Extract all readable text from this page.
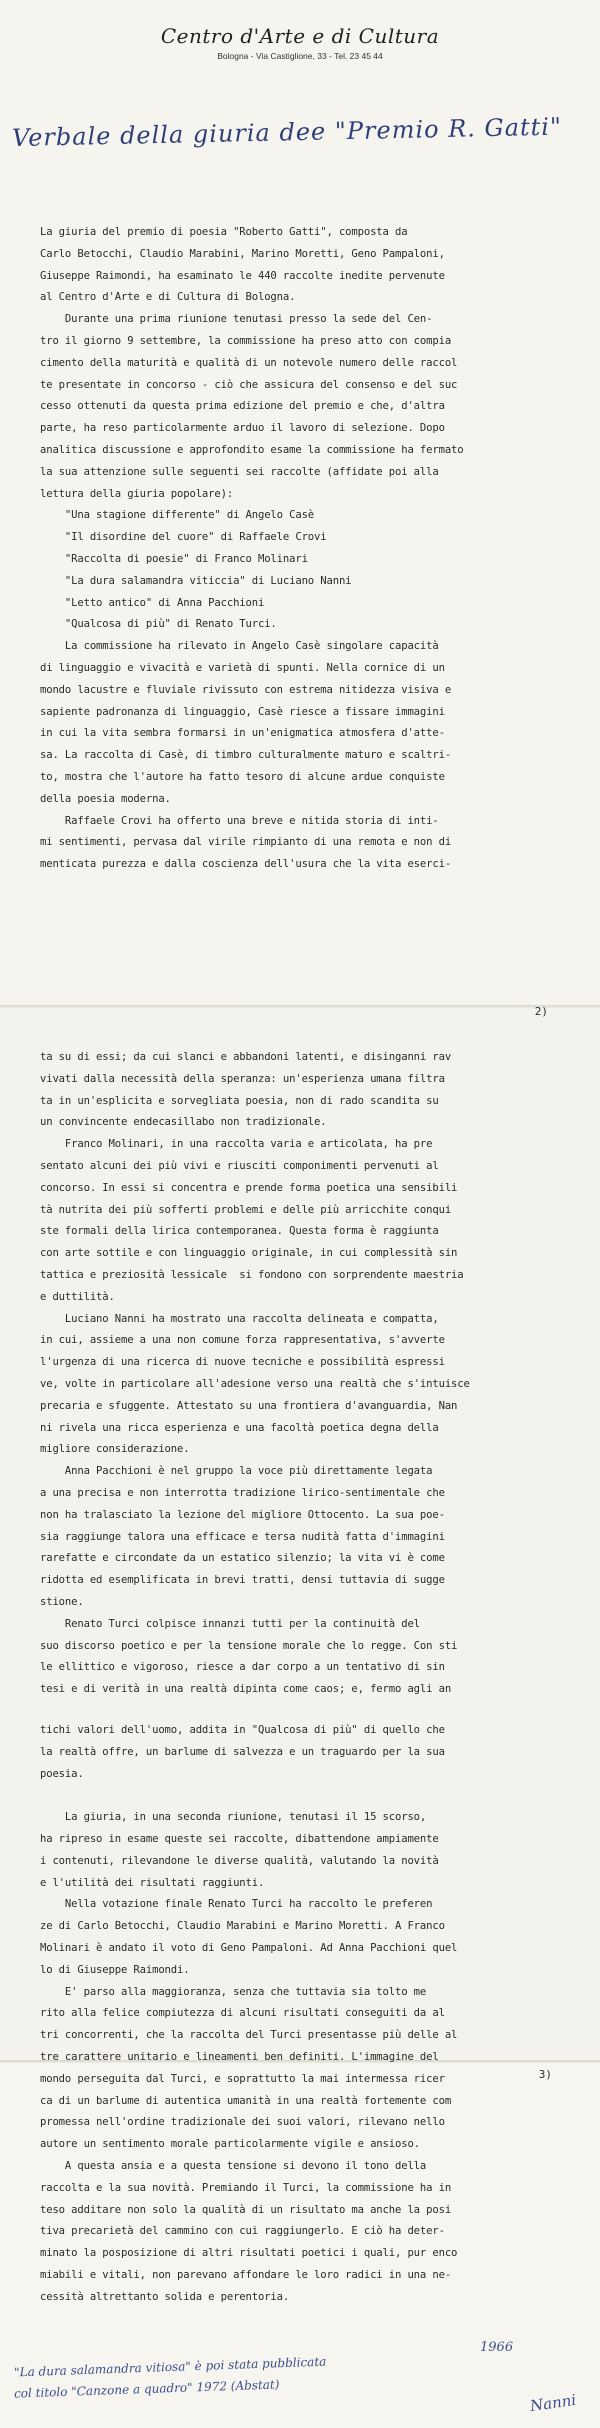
Centro d'Arte e di Cultura
Bologna - Via Castiglione, 33 - Tel. 23 45 44
Verbale della giuria dee "Premio R. Gatti"
La giuria del premio di poesia "Roberto Gatti", composta da
Carlo Betocchi, Claudio Marabini, Marino Moretti, Geno Pampaloni,
Giuseppe Raimondi, ha esaminato le 440 raccolte inedite pervenute
al Centro d'Arte e di Cultura di Bologna.
Durante una prima riunione tenutasi presso la sede del Cen-
tro il giorno 9 settembre, la commissione ha preso atto con compia
cimento della maturità e qualità di un notevole numero delle raccol
te presentate in concorso - ciò che assicura del consenso e del suc
cesso ottenuti da questa prima edizione del premio e che, d'altra
parte, ha reso particolarmente arduo il lavoro di selezione. Dopo
analitica discussione e approfondito esame la commissione ha fermato
la sua attenzione sulle seguenti sei raccolte (affidate poi alla
lettura della giuria popolare):
"Una stagione differente" di Angelo Casè
"Il disordine del cuore" di Raffaele Crovi
"Raccolta di poesie" di Franco Molinari
"La dura salamandra viticcia" di Luciano Nanni
"Letto antico" di Anna Pacchioni
"Qualcosa di più" di Renato Turci.
La commissione ha rilevato in Angelo Casè singolare capacità
di linguaggio e vivacità e varietà di spunti. Nella cornice di un
mondo lacustre e fluviale rivissuto con estrema nitidezza visiva e
sapiente padronanza di linguaggio, Casè riesce a fissare immagini
in cui la vita sembra formarsi in un'enigmatica atmosfera d'atte-
sa. La raccolta di Casè, di timbro culturalmente maturo e scaltri-
to, mostra che l'autore ha fatto tesoro di alcune ardue conquiste
della poesia moderna.
Raffaele Crovi ha offerto una breve e nitida storia di inti-
mi sentimenti, pervasa dal virile rimpianto di una remota e non di
menticata purezza e dalla coscienza dell'usura che la vita eserci-
2)
ta su di essi; da cui slanci e abbandoni latenti, e disinganni rav
vivati dalla necessità della speranza: un'esperienza umana filtra
ta in un'esplicita e sorvegliata poesia, non di rado scandita su
un convincente endecasillabo non tradizionale.
Franco Molinari, in una raccolta varia e articolata, ha pre
sentato alcuni dei più vivi e riusciti componimenti pervenuti al
concorso. In essi si concentra e prende forma poetica una sensibili
tà nutrita dei più sofferti problemi e delle più arricchite conqui
ste formali della lirica contemporanea. Questa forma è raggiunta
con arte sottile e con linguaggio originale, in cui complessità sin
tattica e preziosità lessicale  si fondono con sorprendente maestria
e duttilità.
Luciano Nanni ha mostrato una raccolta delineata e compatta,
in cui, assieme a una non comune forza rappresentativa, s'avverte
l'urgenza di una ricerca di nuove tecniche e possibilità espressi
ve, volte in particolare all'adesione verso una realtà che s'intuisce
precaria e sfuggente. Attestato su una frontiera d'avanguardia, Nan
ni rivela una ricca esperienza e una facoltà poetica degna della
migliore considerazione.
Anna Pacchioni è nel gruppo la voce più direttamente legata
a una precisa e non interrotta tradizione lirico-sentimentale che
non ha tralasciato la lezione del migliore Ottocento. La sua poe-
sia raggiunge talora una efficace e tersa nudità fatta d'immagini
rarefatte e circondate da un estatico silenzio; la vita vi è come
ridotta ed esemplificata in brevi tratti, densi tuttavia di sugge
stione.
Renato Turci colpisce innanzi tutti per la continuità del
suo discorso poetico e per la tensione morale che lo regge. Con sti
le ellittico e vigoroso, riesce a dar corpo a un tentativo di sin
tesi e di verità in una realtà dipinta come caos; e, fermo agli an
3)
tichi valori dell'uomo, addita in "Qualcosa di più" di quello che
la realtà offre, un barlume di salvezza e un traguardo per la sua
poesia.

La giuria, in una seconda riunione, tenutasi il 15 scorso,
ha ripreso in esame queste sei raccolte, dibattendone ampiamente
i contenuti, rilevandone le diverse qualità, valutando la novità
e l'utilità dei risultati raggiunti.
Nella votazione finale Renato Turci ha raccolto le preferen
ze di Carlo Betocchi, Claudio Marabini e Marino Moretti. A Franco
Molinari è andato il voto di Geno Pampaloni. Ad Anna Pacchioni quel
lo di Giuseppe Raimondi.
E' parso alla maggioranza, senza che tuttavia sia tolto me
rito alla felice compiutezza di alcuni risultati conseguiti da al
tri concorrenti, che la raccolta del Turci presentasse più delle al
tre carattere unitario e lineamenti ben definiti. L'immagine del
mondo perseguita dal Turci, e soprattutto la mai intermessa ricer
ca di un barlume di autentica umanità in una realtà fortemente com
promessa nell'ordine tradizionale dei suoi valori, rilevano nello
autore un sentimento morale particolarmente vigile e ansioso.
A questa ansia e a questa tensione si devono il tono della
raccolta e la sua novità. Premiando il Turci, la commissione ha in
teso additare non solo la qualità di un risultato ma anche la posi
tiva precarietà del cammino con cui raggiungerlo. E ciò ha deter-
minato la posposizione di altri risultati poetici i quali, pur enco
miabili e vitali, non parevano affondare le loro radici in una ne-
cessità altrettanto solida e perentoria.
1966
"La dura salamandra vitiosa" è poi stata pubblicata
col titolo "Canzone a quadro" 1972 (Abstat)
Nanni
